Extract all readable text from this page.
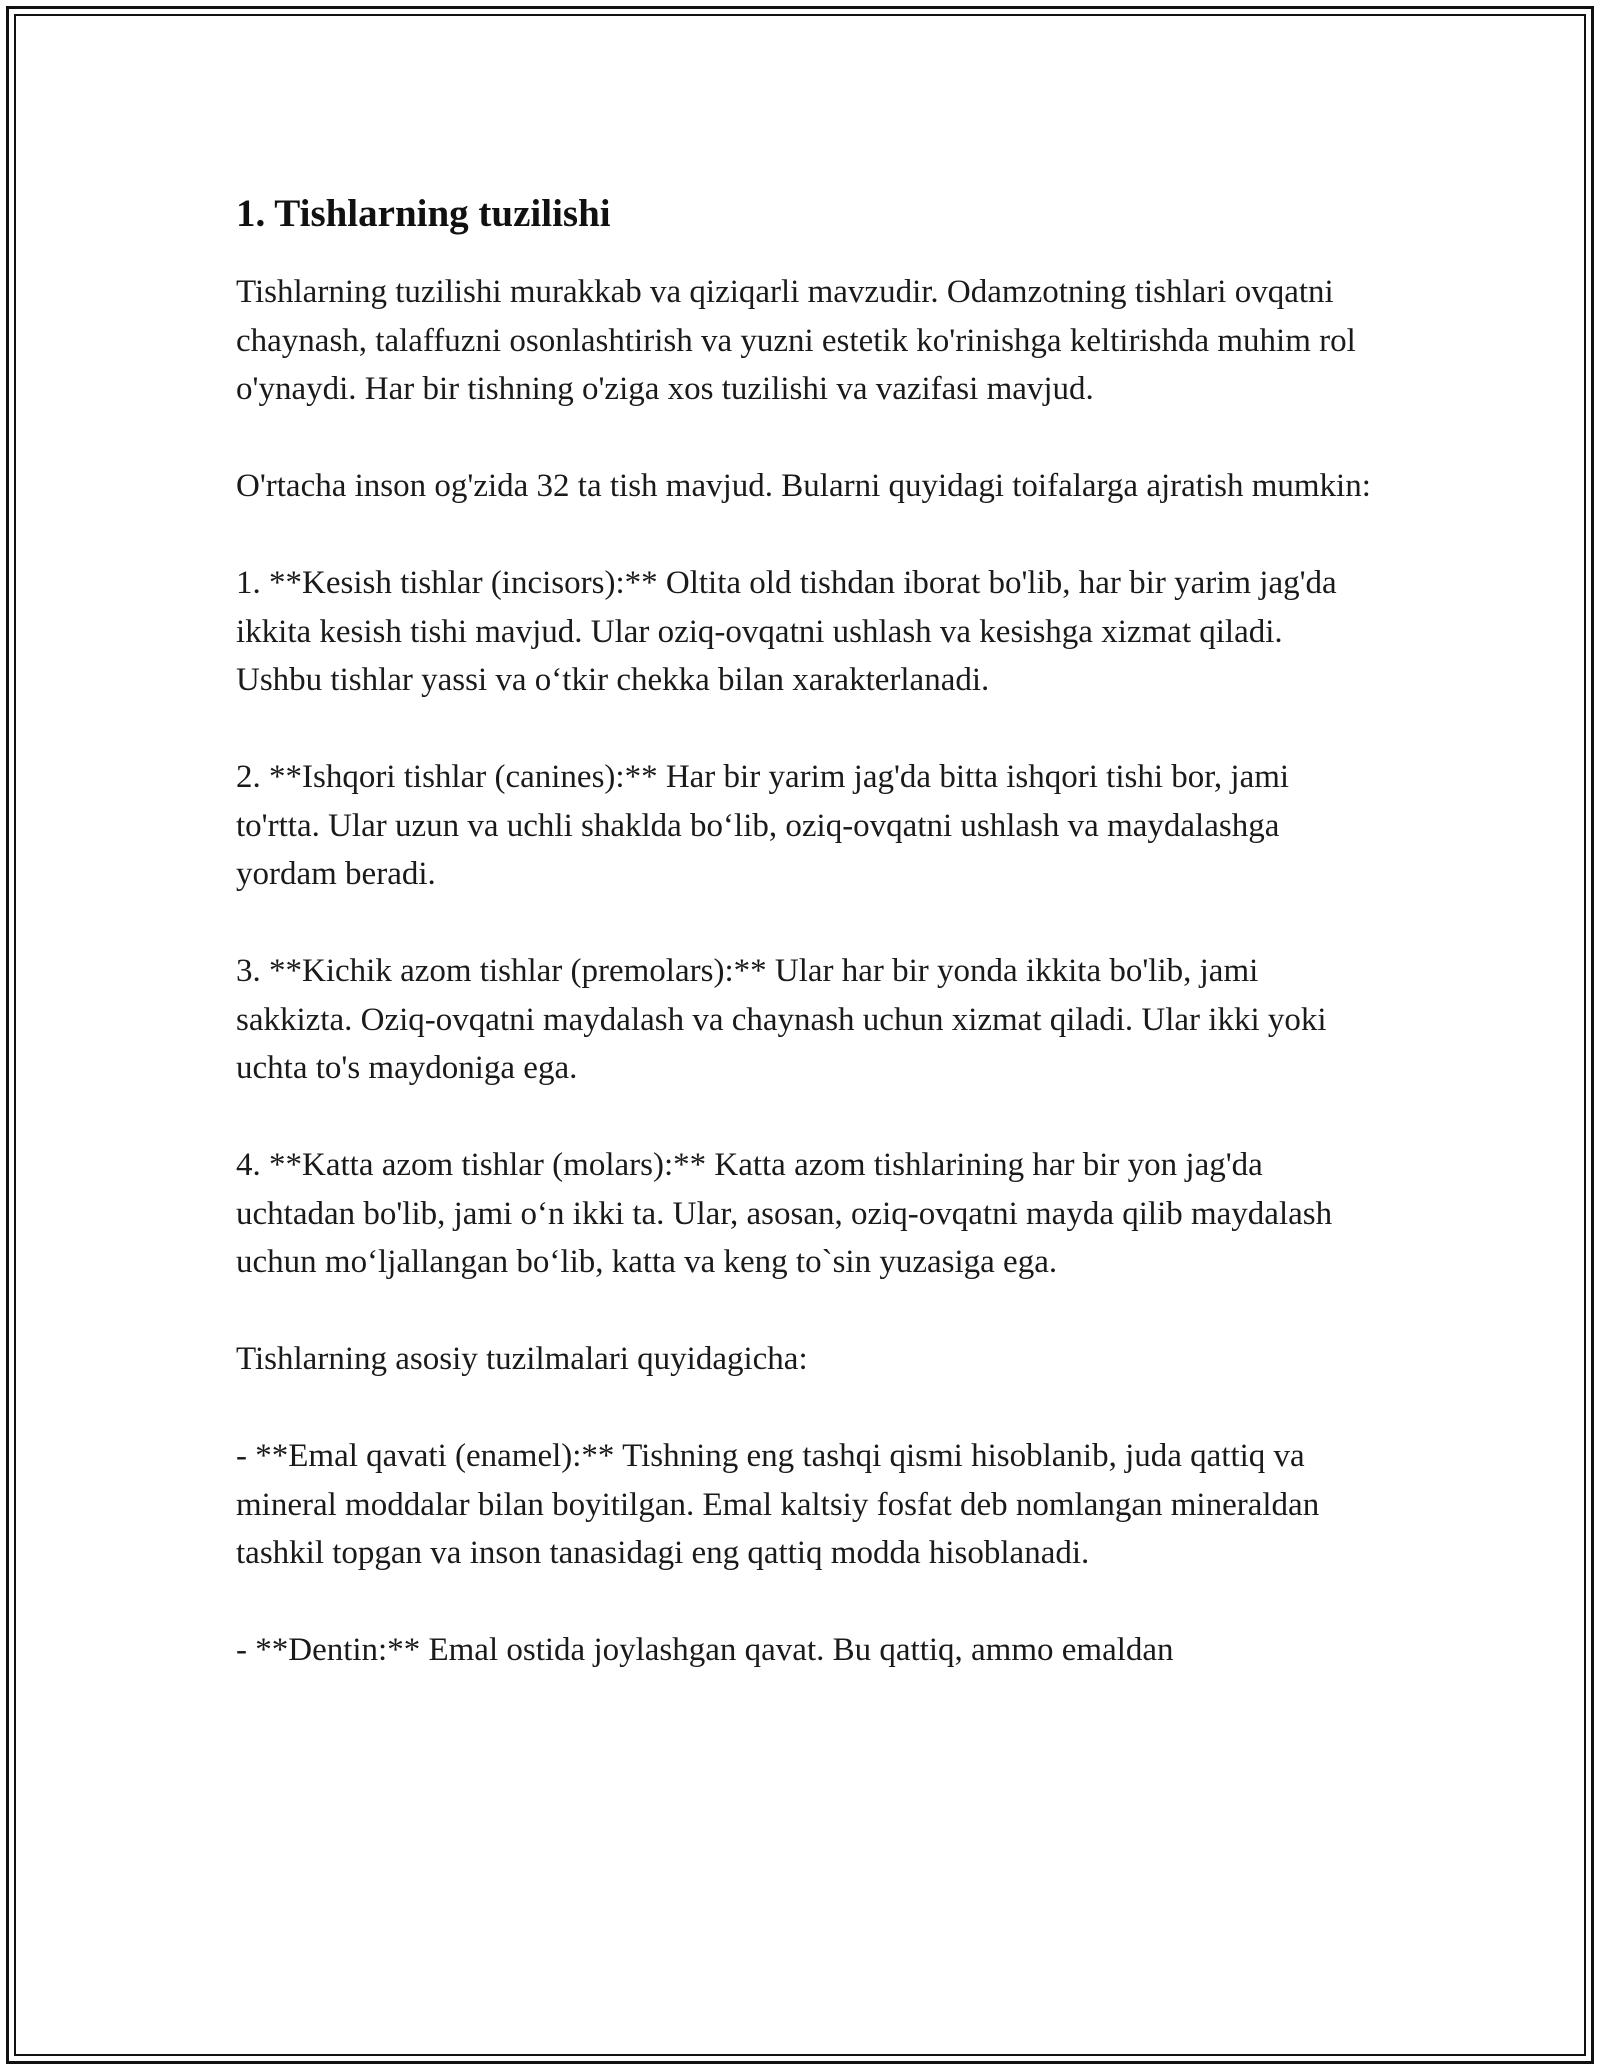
1. Tishlarning tuzilishi

Tishlarning tuzilishi murakkab va qiziqarli mavzudir. Odamzotning tishlari ovqatni chaynash, talaffuzni osonlashtirish va yuzni estetik ko'rinishga keltirishda muhim rol o'ynaydi. Har bir tishning o'ziga xos tuzilishi va vazifasi mavjud.

O'rtacha inson og'zida 32 ta tish mavjud. Bularni quyidagi toifalarga ajratish mumkin:

1. **Kesish tishlar (incisors):** Oltita old tishdan iborat bo'lib, har bir yarim jag'da ikkita kesish tishi mavjud. Ular oziq-ovqatni ushlash va kesishga xizmat qiladi. Ushbu tishlar yassi va oʻtkir chekka bilan xarakterlanadi.

2. **Ishqori tishlar (canines):** Har bir yarim jag'da bitta ishqori tishi bor, jami to'rtta. Ular uzun va uchli shaklda boʻlib, oziq-ovqatni ushlash va maydalashga yordam beradi.

3. **Kichik azom tishlar (premolars):** Ular har bir yonda ikkita bo'lib, jami sakkizta. Oziq-ovqatni maydalash va chaynash uchun xizmat qiladi. Ular ikki yoki uchta to's maydoniga ega.

4. **Katta azom tishlar (molars):** Katta azom tishlarining har bir yon jag'da uchtadan bo'lib, jami oʻn ikki ta. Ular, asosan, oziq-ovqatni mayda qilib maydalash uchun moʻljallangan boʻlib, katta va keng to`sin yuzasiga ega.

Tishlarning asosiy tuzilmalari quyidagicha:

- **Emal qavati (enamel):** Tishning eng tashqi qismi hisoblanib, juda qattiq va mineral moddalar bilan boyitilgan. Emal kaltsiy fosfat deb nomlangan mineraldan tashkil topgan va inson tanasidagi eng qattiq modda hisoblanadi.

- **Dentin:** Emal ostida joylashgan qavat. Bu qattiq, ammo emaldan
